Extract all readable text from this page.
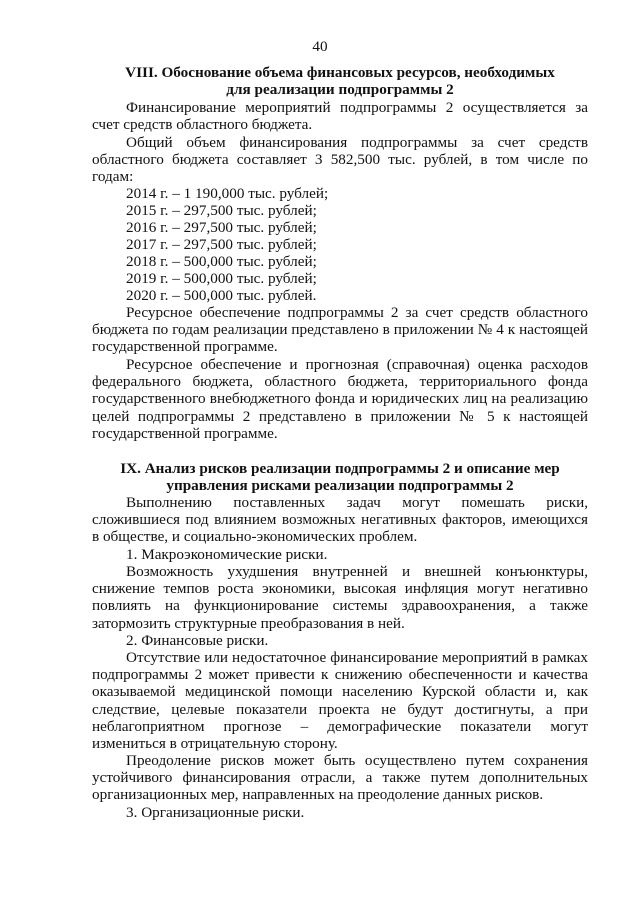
40
VIII. Обоснование объема финансовых ресурсов, необходимых
для реализации подпрограммы 2
Финансирование мероприятий подпрограммы 2 осуществляется за счет средств областного бюджета.
Общий объем финансирования подпрограммы за счет средств областного бюджета составляет 3 582,500 тыс. рублей, в том числе по годам:
2014 г. – 1 190,000 тыс. рублей;
2015 г. – 297,500 тыс. рублей;
2016 г. – 297,500 тыс. рублей;
2017 г. – 297,500 тыс. рублей;
2018 г. – 500,000 тыс. рублей;
2019 г. – 500,000 тыс. рублей;
2020 г. – 500,000 тыс. рублей.
Ресурсное обеспечение подпрограммы 2 за счет средств областного бюджета по годам реализации представлено в приложении № 4 к настоящей государственной программе.
Ресурсное обеспечение и прогнозная (справочная) оценка расходов федерального бюджета, областного бюджета, территориального фонда государственного внебюджетного фонда и юридических лиц на реализацию целей подпрограммы 2 представлено в приложении № 5 к настоящей государственной программе.
IX. Анализ рисков реализации подпрограммы 2 и описание мер
управления рисками реализации подпрограммы 2
Выполнению поставленных задач могут помешать риски, сложившиеся под влиянием возможных негативных факторов, имеющихся в обществе, и социально-экономических проблем.
1. Макроэкономические риски.
Возможность ухудшения внутренней и внешней конъюнктуры, снижение темпов роста экономики, высокая инфляция могут негативно повлиять на функционирование системы здравоохранения, а также затормозить структурные преобразования в ней.
2. Финансовые риски.
Отсутствие или недостаточное финансирование мероприятий в рамках подпрограммы 2 может привести к снижению обеспеченности и качества оказываемой медицинской помощи населению Курской области и, как следствие, целевые показатели проекта не будут достигнуты, а при неблагоприятном прогнозе – демографические показатели могут измениться в отрицательную сторону.
Преодоление рисков может быть осуществлено путем сохранения устойчивого финансирования отрасли, а также путем дополнительных организационных мер, направленных на преодоление данных рисков.
3. Организационные риски.
